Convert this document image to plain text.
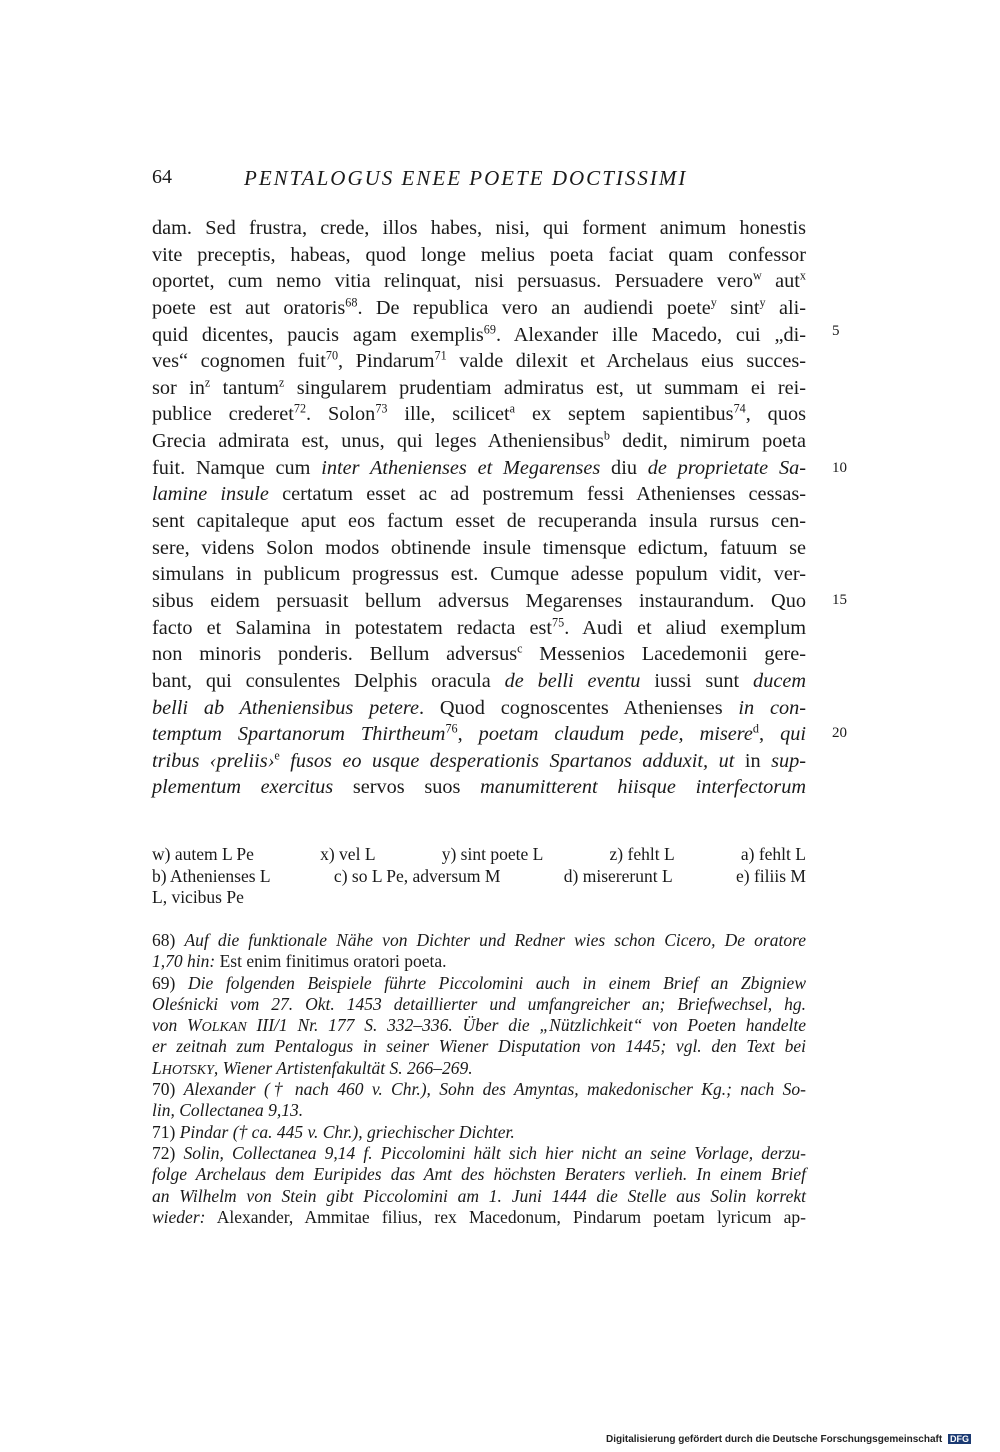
64	PENTALOGUS ENEE POETE DOCTISSIMI
dam. Sed frustra, crede, illos habes, nisi, qui forment animum honestis
vite preceptis, habeas, quod longe melius poeta faciat quam confessor
oportet, cum nemo vitia relinquat, nisi persuasus. Persuadere vero$^w$ aut$^x$
poete est aut oratoris$^{68}$. De republica vero an audiendi poete$^y$ sint$^y$ ali-
quid dicentes, paucis agam exemplis$^{69}$. Alexander ille Macedo, cui „di-
ves“ cognomen fuit$^{70}$, Pindarum$^{71}$ valde dilexit et Archelaus eius succes-
sor $in^z$ tantum$^z$ singularem prudentiam admiratus est, ut summam ei rei-
publice crederet$^{72}$. Solon$^{73}$ ille, scilicet$^a$ ex septem sapientibus$^{74}$, quos
Grecia admirata est, unus, qui leges Atheniensibus$^b$ dedit, nimirum poeta
fuit. Namque cum inter Athenienses et Megarenses diu de proprietate Sa-
lamine insule certatum esset ac ad postremum fessi Athenienses cessas-
sent capitaleque aput eos factum esset de recuperanda insula rursus cen-
sere, videns Solon modos obtinende insule timensque edictum, fatuum se
simulans in publicum progressus est. Cumque adesse populum vidit, ver-
sibus eidem persuasit bellum adversus Megarenses instaurandum. Quo
facto et Salamina in potestatem redacta est$^{75}$. Audi et aliud exemplum
non minoris ponderis. Bellum adversus$^c$ Messenios Lacedemonii gere-
bant, qui consulentes Delphis oracula de belli eventu iussi sunt ducem
belli ab Atheniensibus petere. Quod cognoscentes Athenienses in con-
temptum Spartanorum Thirtheum$^{76}$, poetam claudum pede, misere$^d$, qui
tribus ‹preliis›$^e$ fusos eo usque desperationis Spartanos adduxit, ut in sup-
plementum exercitus servos suos manumitterent hiisque interfectorum
5
10
15
20
w) autem L Pe	x) vel L	y) sint poete L	z) fehlt L	a) fehlt L
b) Athenienses L	c) so L Pe, adversum M	d) misererunt L	e) filiis M
L, vicibus Pe
68) Auf die funktionale Nähe von Dichter und Redner wies schon Cicero, De oratore
1,70 hin: Est enim finitimus oratori poeta.
69) Die folgenden Beispiele führte Piccolomini auch in einem Brief an Zbigniew
Oleśnicki vom 27. Okt. 1453 detaillierter und umfangreicher an; Briefwechsel, hg.
von WOLKAN III/1 Nr. 177 S. 332–336. Über die „Nützlichkeit“ von Poeten handelte
er zeitnah zum Pentalogus in seiner Wiener Disputation von 1445; vgl. den Text bei
LHOTSKY, Wiener Artistenfakultät S. 266–269.
70) Alexander († nach 460 v. Chr.), Sohn des Amyntas, makedonischer Kg.; nach So-
lin, Collectanea 9,13.
71) Pindar († ca. 445 v. Chr.), griechischer Dichter.
72) Solin, Collectanea 9,14 f. Piccolomini hält sich hier nicht an seine Vorlage, derzu-
folge Archelaus dem Euripides das Amt des höchsten Beraters verlieh. In einem Brief
an Wilhelm von Stein gibt Piccolomini am 1. Juni 1444 die Stelle aus Solin korrekt
wieder: Alexander, Ammitae filius, rex Macedonum, Pindarum poetam lyricum ap-
Digitalisierung gefördert durch die Deutsche Forschungsgemeinschaft DFG
